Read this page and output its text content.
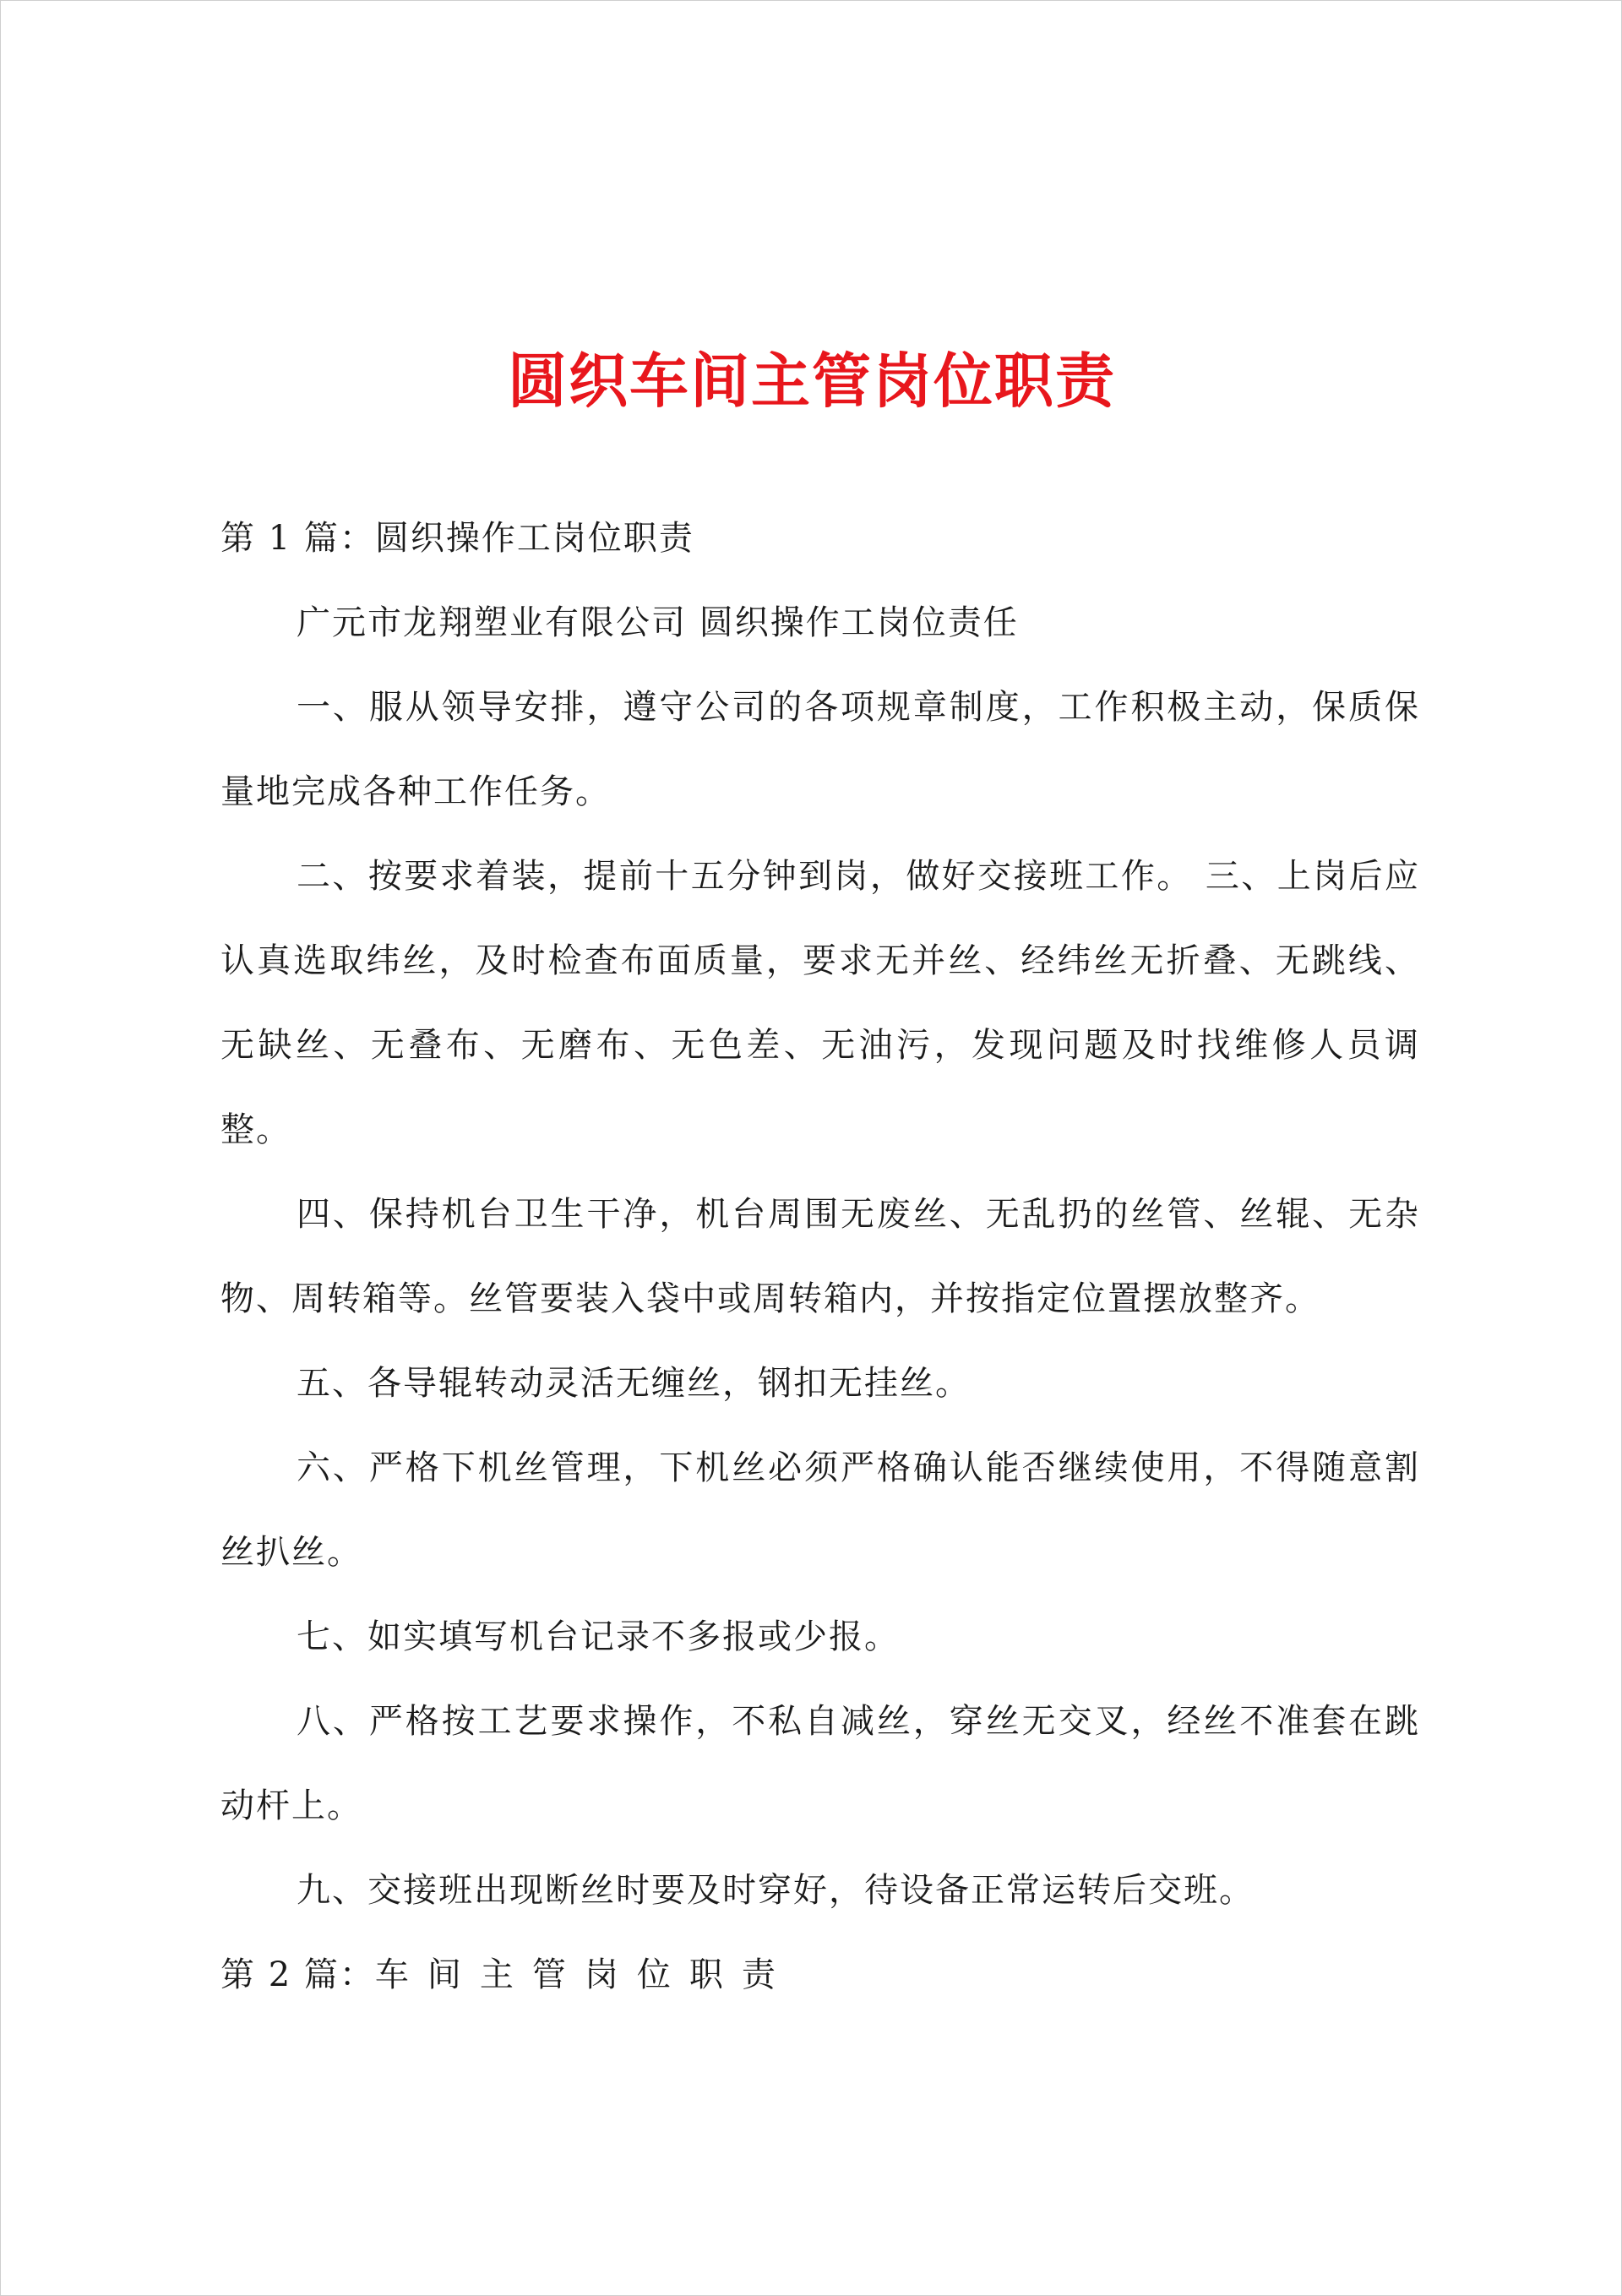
圆织车间主管岗位职责

第 1 篇：圆织操作工岗位职责

广元市龙翔塑业有限公司 圆织操作工岗位责任

一、服从领导安排，遵守公司的各项规章制度，工作积极主动，保质保量地完成各种工作任务。

二、按要求着装，提前十五分钟到岗，做好交接班工作。 三、上岗后应认真选取纬丝，及时检查布面质量，要求无并丝、经纬丝无折叠、无跳线、无缺丝、无叠布、无磨布、无色差、无油污，发现问题及时找维修人员调整。

四、保持机台卫生干净，机台周围无废丝、无乱扔的丝管、丝辊、无杂物、周转箱等。丝管要装入袋中或周转箱内，并按指定位置摆放整齐。

五、各导辊转动灵活无缠丝，钢扣无挂丝。

六、严格下机丝管理，下机丝必须严格确认能否继续使用，不得随意割丝扒丝。

七、如实填写机台记录不多报或少报。

八、严格按工艺要求操作，不私自减丝，穿丝无交叉，经丝不准套在跳动杆上。

九、交接班出现断丝时要及时穿好，待设备正常运转后交班。

第 2 篇：车间主管岗位职责
